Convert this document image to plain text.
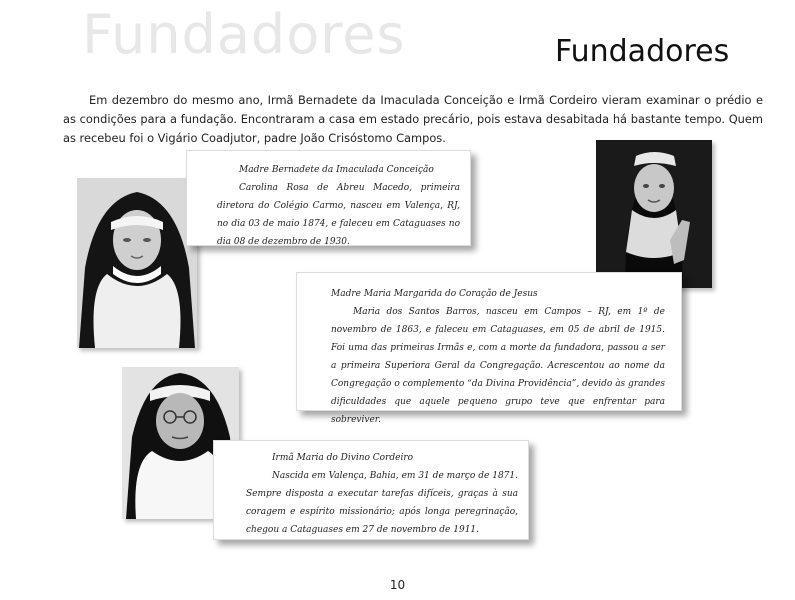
Fundadores	Fundadores

Em dezembro do mesmo ano, Irmã Bernadete da Imaculada Conceição e Irmã Cordeiro vieram examinar o prédio e as condições para a fundação. Encontraram a casa em estado precário, pois estava desabitada há bastante tempo. Quem as recebeu foi o Vigário Coadjutor, padre João Crisóstomo Campos.

Madre Bernadete da Imaculada Conceição

Carolina Rosa de Abreu Macedo, primeira diretora do Colégio Carmo, nasceu em Valença, RJ, no dia 03 de maio 1874, e faleceu em Cataguases no dia 08 de dezembro de 1930.

Madre Maria Margarida do Coração de Jesus

Maria dos Santos Barros, nasceu em Campos – RJ, em 1º de novembro de 1863, e faleceu em Cataguases, em 05 de abril de 1915. Foi uma das primeiras Irmãs e, com a morte da fundadora, passou a ser a primeira Superiora Geral da Congregação. Acrescentou ao nome da Congregação o complemento “da Divina Providência”, devido às grandes dificuldades que aquele pequeno grupo teve que enfrentar para sobreviver.

Irmã Maria do Divino Cordeiro

Nascida em Valença, Bahia, em 31 de março de 1871. Sempre disposta a executar tarefas difíceis, graças à sua coragem e espírito missionário; após longa peregrinação, chegou a Cataguases em 27 de novembro de 1911.

10
